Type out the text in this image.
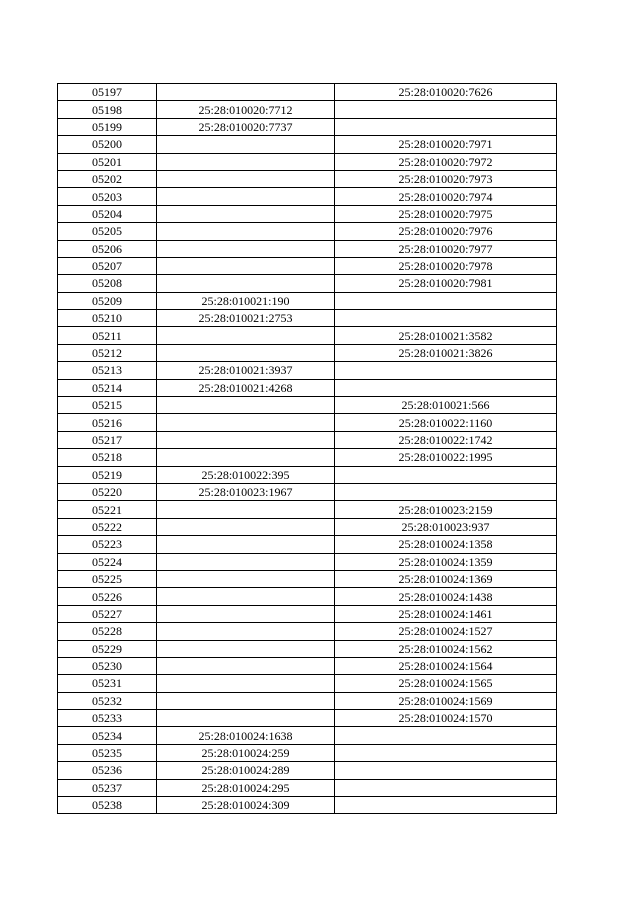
05197		25:28:010020:7626
05198	25:28:010020:7712	
05199	25:28:010020:7737	
05200		25:28:010020:7971
05201		25:28:010020:7972
05202		25:28:010020:7973
05203		25:28:010020:7974
05204		25:28:010020:7975
05205		25:28:010020:7976
05206		25:28:010020:7977
05207		25:28:010020:7978
05208		25:28:010020:7981
05209	25:28:010021:190	
05210	25:28:010021:2753	
05211		25:28:010021:3582
05212		25:28:010021:3826
05213	25:28:010021:3937	
05214	25:28:010021:4268	
05215		25:28:010021:566
05216		25:28:010022:1160
05217		25:28:010022:1742
05218		25:28:010022:1995
05219	25:28:010022:395	
05220	25:28:010023:1967	
05221		25:28:010023:2159
05222		25:28:010023:937
05223		25:28:010024:1358
05224		25:28:010024:1359
05225		25:28:010024:1369
05226		25:28:010024:1438
05227		25:28:010024:1461
05228		25:28:010024:1527
05229		25:28:010024:1562
05230		25:28:010024:1564
05231		25:28:010024:1565
05232		25:28:010024:1569
05233		25:28:010024:1570
05234	25:28:010024:1638	
05235	25:28:010024:259	
05236	25:28:010024:289	
05237	25:28:010024:295	
05238	25:28:010024:309	
